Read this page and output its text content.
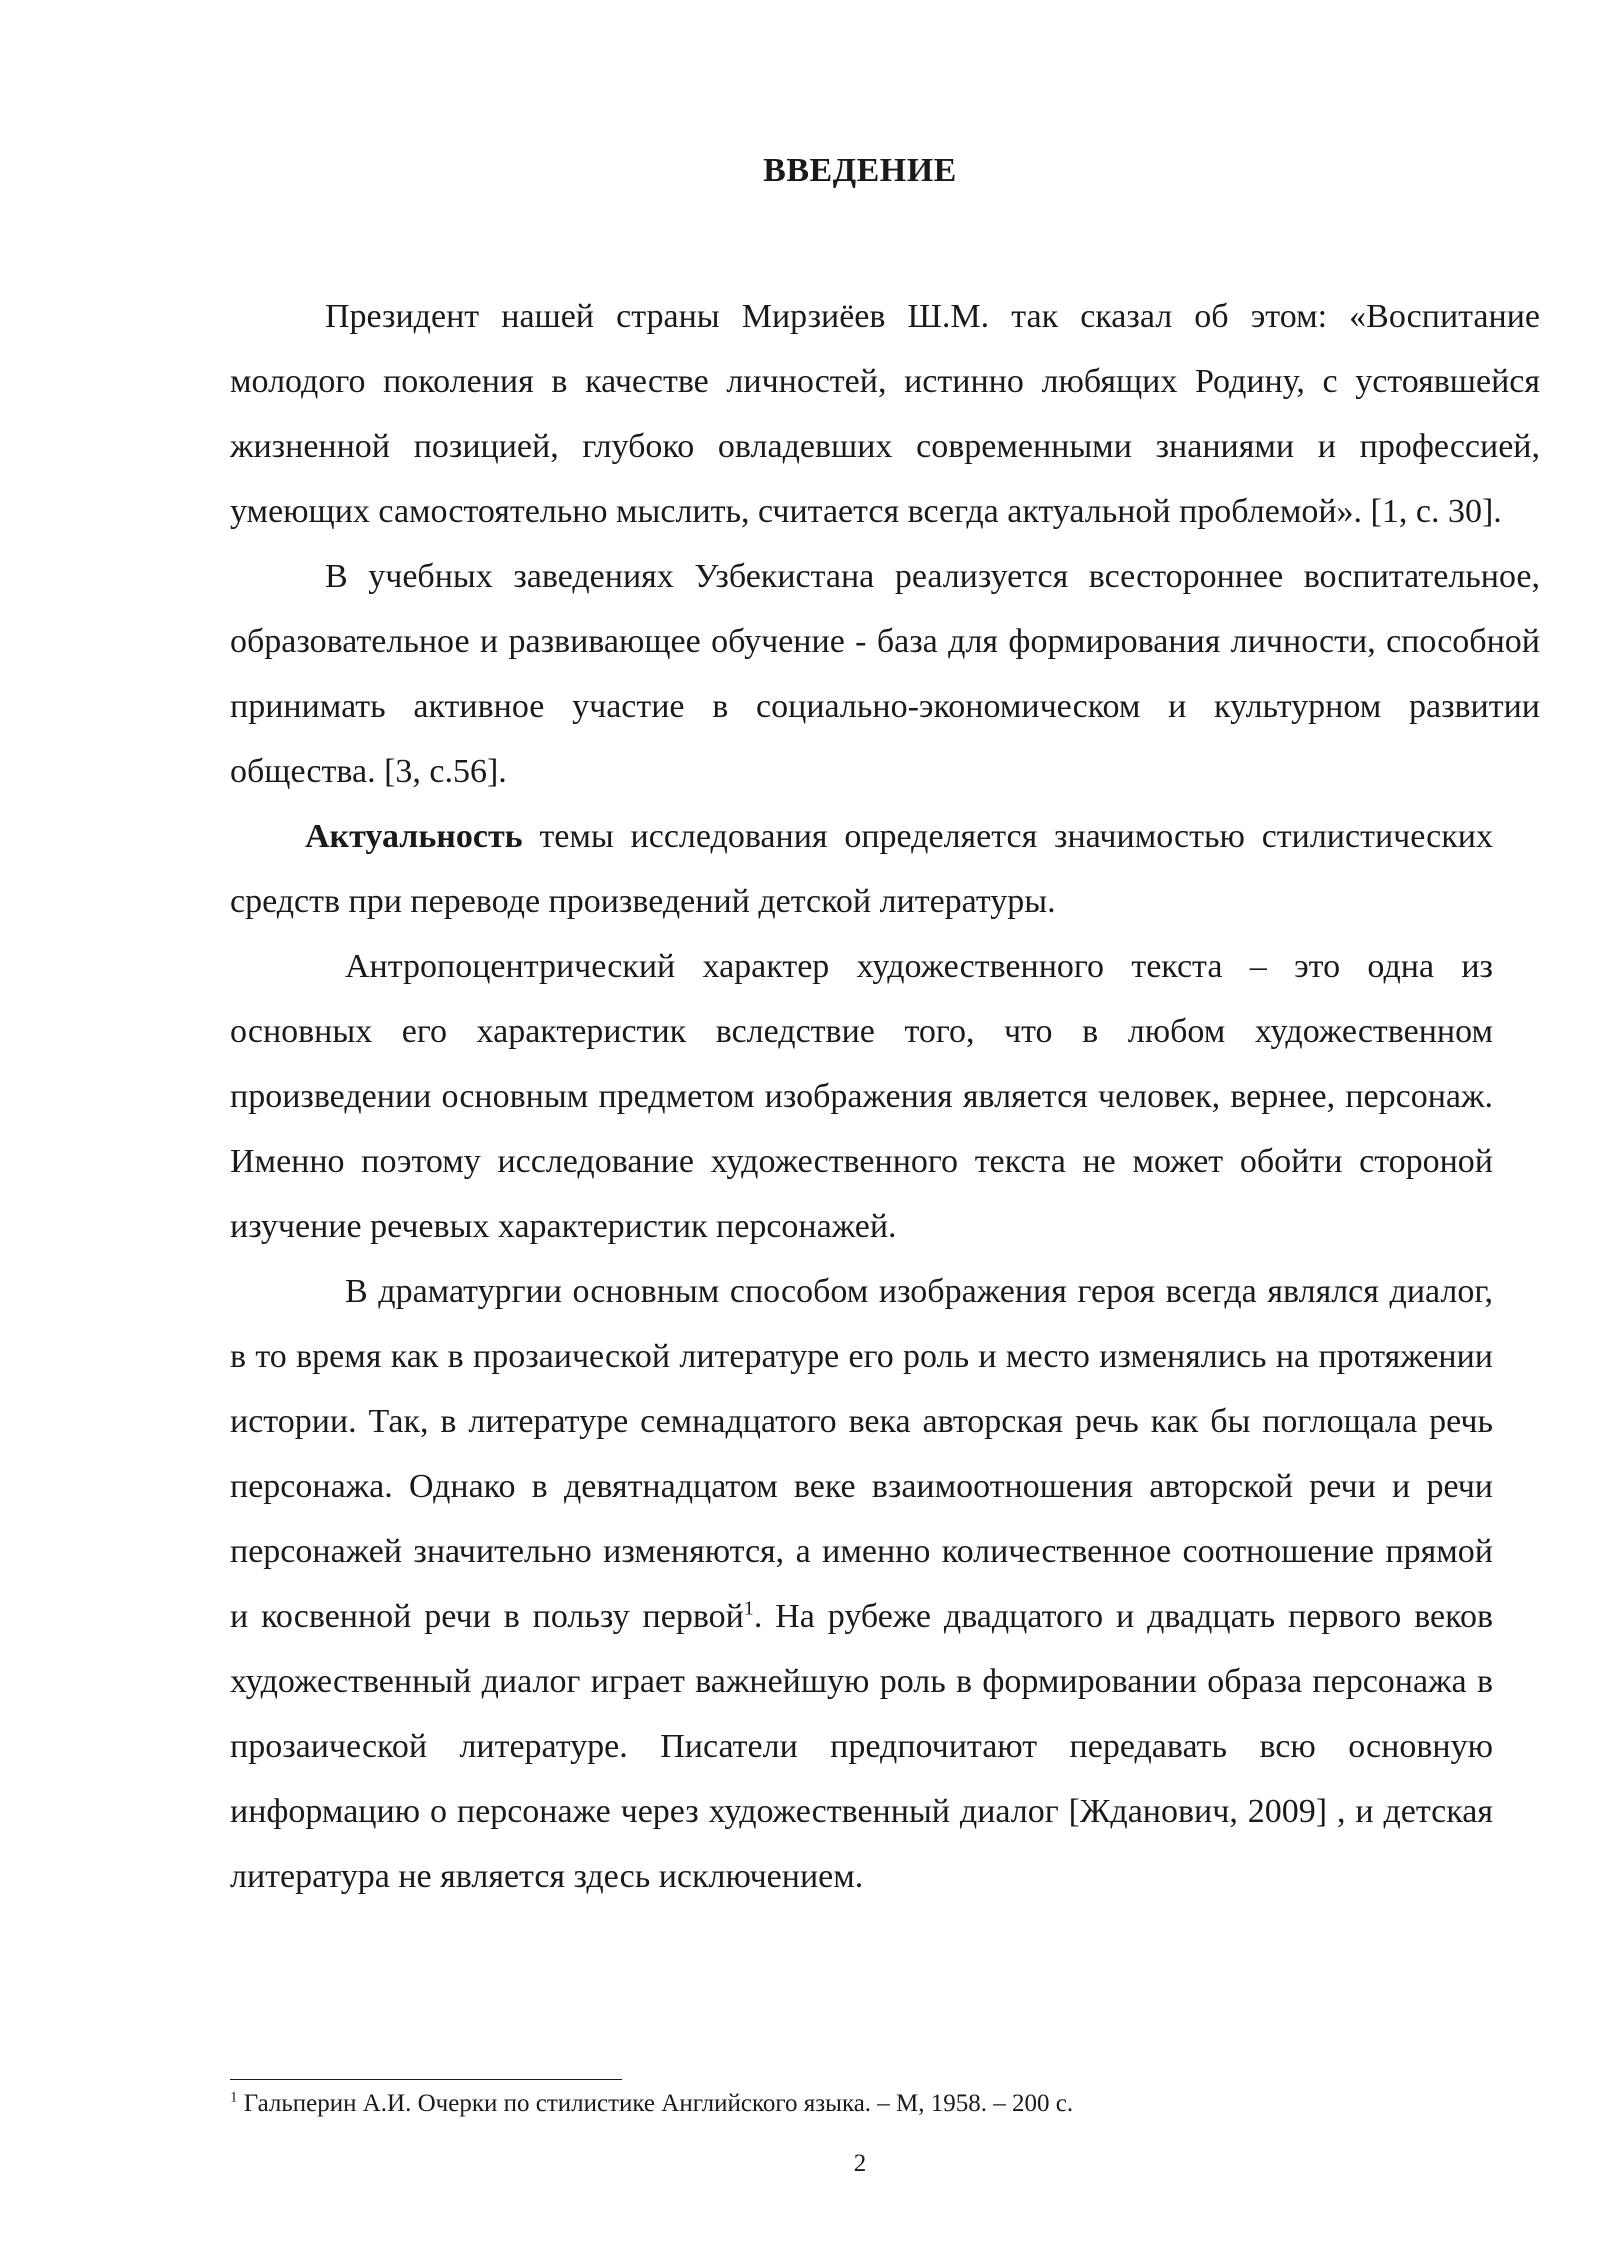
ВВЕДЕНИЕ

Президент нашей страны Мирзиёев Ш.М. так сказал об этом: «Воспитание молодого поколения в качестве личностей, истинно любящих Родину, с устоявшейся жизненной позицией, глубоко овладевших современными знаниями и профессией, умеющих самостоятельно мыслить, считается всегда актуальной проблемой». [1, с. 30].

В учебных заведениях Узбекистана реализуется всестороннее воспитательное, образовательное и развивающее обучение - база для формирования личности, способной принимать активное участие в социально-экономическом и культурном развитии общества. [3, с.56].

Актуальность темы исследования определяется значимостью стилистических средств при переводе произведений детской литературы.

Антропоцентрический характер художественного текста – это одна из основных его характеристик вследствие того, что в любом художественном произведении основным предметом изображения является человек, вернее, персонаж. Именно поэтому исследование художественного текста не может обойти стороной изучение речевых характеристик персонажей.

В драматургии основным способом изображения героя всегда являлся диалог, в то время как в прозаической литературе его роль и место изменялись на протяжении истории. Так, в литературе семнадцатого века авторская речь как бы поглощала речь персонажа. Однако в девятнадцатом веке взаимоотношения авторской речи и речи персонажей значительно изменяются, а именно количественное соотношение прямой и косвенной речи в пользу первой$^1$. На рубеже двадцатого и двадцать первого веков художественный диалог играет важнейшую роль в формировании образа персонажа в прозаической литературе. Писатели предпочитают передавать всю основную информацию о персонаже через художественный диалог [Жданович, 2009] , и детская литература не является здесь исключением.

$^1$ Гальперин А.И. Очерки по стилистике Английского языка. – М, 1958. – 200 с.
2
